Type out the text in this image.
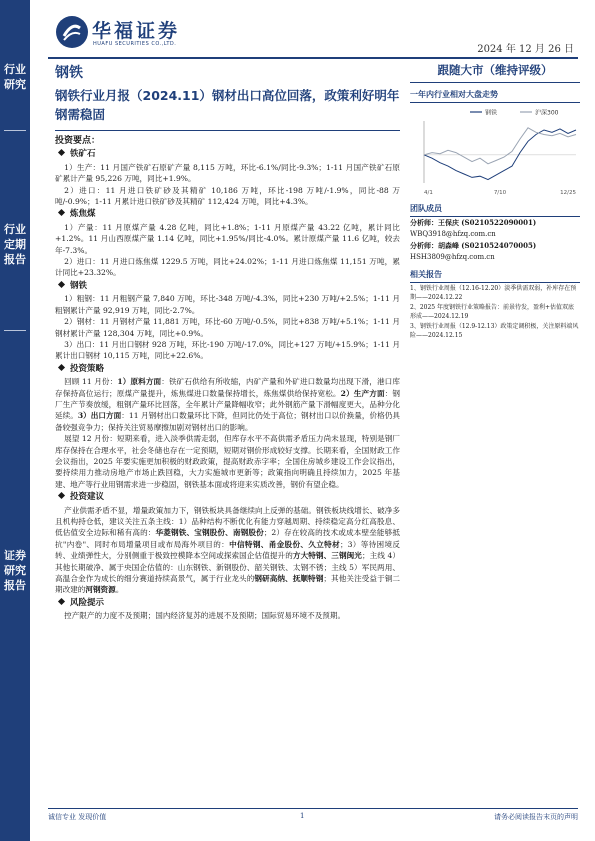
行业研究
行业定期报告
证券研究报告
华福证券
HUAFU SECURITIES CO.,LTD.	2024 年 12 月 26 日
钢铁
钢铁行业月报（2024.11）钢材出口高位回落，政策利好明年钢需稳固
投资要点：
铁矿石
1）生产：11 月国产铁矿石原矿产量 8,115 万吨，环比-6.1%/同比-9.3%；1-11 月国产铁矿石原矿累计产量 95,226 万吨，同比+1.9%。
2）进口：11 月进口铁矿砂及其精矿 10,186 万吨，环比-198 万吨/-1.9%，同比-88 万吨/-0.9%；1-11 月累计进口铁矿砂及其精矿 112,424 万吨，同比+4.3%。
炼焦煤
1）产量：11 月原煤产量 4.28 亿吨，同比+1.8%；1-11 月原煤产量 43.22 亿吨，累计同比+1.2%。11 月山西原煤产量 1.14 亿吨，同比+1.95%/同比-4.0%。累计原煤产量 11.6 亿吨，较去年-7.3%。
2）进口：11 月进口炼焦煤 1229.5 万吨，同比+24.02%；1-11 月进口炼焦煤 11,151 万吨，累计同比+23.32%。
钢铁
1）粗钢：11 月粗钢产量 7,840 万吨，环比-348 万吨/-4.3%，同比+230 万吨/+2.5%；1-11 月粗钢累计产量 92,919 万吨，同比-2.7%。
2）钢材：11 月钢材产量 11,881 万吨，环比-60 万吨/-0.5%，同比+838 万吨/+5.1%；1-11 月钢材累计产量 128,304 万吨，同比+0.9%。
3）出口：11 月出口钢材 928 万吨，环比-190 万吨/-17.0%，同比+127 万吨/+15.9%；1-11 月累计出口钢材 10,115 万吨，同比+22.6%。
投资策略
回顾 11 月份：1）原料方面：铁矿石供给有所收缩，内矿产量和外矿进口数量均出现下滑，港口库存保持高位运行；原煤产量提升，炼焦煤进口数量保持增长，炼焦煤供给保持宽松。2）生产方面：钢厂生产节奏放缓，粗钢产量环比回落，全年累计产量降幅收窄；此外钢筋产量下滑幅度更大，品种分化延续。3）出口方面：11 月钢材出口数量环比下降，但同比仍处于高位；钢材出口以价换量，价格仍具备较强竞争力；保持关注贸易摩擦加剧对钢材出口的影响。
展望 12 月份：短期来看，进入淡季供需走弱，但库存水平不高供需矛盾压力尚未显现，特别是钢厂库存保持在合理水平，社会冬储也存在一定预期，短期对钢价形成较好支撑。长期来看，全国财政工作会议指出，2025 年要实施更加积极的财政政策，提高财政赤字率；全国住房城乡建设工作会议指出，要持续用力推动房地产市场止跌回稳，大力实施城市更新等；政策指向明确且持续加力，2025 年基建、地产等行业用钢需求进一步稳固，钢铁基本面或将迎来实质改善，钢价有望企稳。
投资建议
产业供需矛盾不显，增量政策加力下，钢铁板块具备继续向上反弹的基础。钢铁板块线增长、破净多且机构持仓低，建议关注五条主线：1）品种结构不断优化有能力穿越周期、持续稳定高分红高股息、低估值安全边际和稀有高的：华菱钢铁、宝钢股份、南钢股份；2）存在较高的技术或成本壁垒能够抵抗"内卷"、同时布局增量项目或布局海外项目的：中信特钢、甬金股份、久立特材；3）等待困境反转、业绩弹性大，分别侧重于极致控模降本空间或探索国企估值提升的方大特钢、三钢闽光；主线 4）其他长期破净、属于央国企估值的：山东钢铁、新钢股份、韶关钢铁、太钢不锈；主线 5）军民两用、高温合金作为成长的细分赛道持续高景气，属于行业龙头的钢研高纳、抚顺特钢；其他关注受益于铜二期改建的河钢资源。
风险提示
控产限产的力度不及预期；国内经济复苏的进展不及预期；国际贸易环境不及预期。
跟随大市（维持评级）
一年内行业相对大盘走势
钢铁	沪深300
4/1	7/10	12/25
团队成员
分析师：王保庆 (S0210522090001)
WBQ3918@hfzq.com.cn
分析师：胡森峰 (S0210524070005)
HSH3809@hfzq.com.cn
相关报告
1、钢铁行业周报（12.16-12.20）淡季供需双弱，补库存在预期——2024.12.22
2、2025 年度钢铁行业策略报告：前景待发，盈利+估值双底形成——2024.12.19
3、钢铁行业周报（12.9-12.13）政策定调积极，关注原料端风险——2024.12.15
诚信专业 发现价值	1	请务必阅读报告末页的声明
